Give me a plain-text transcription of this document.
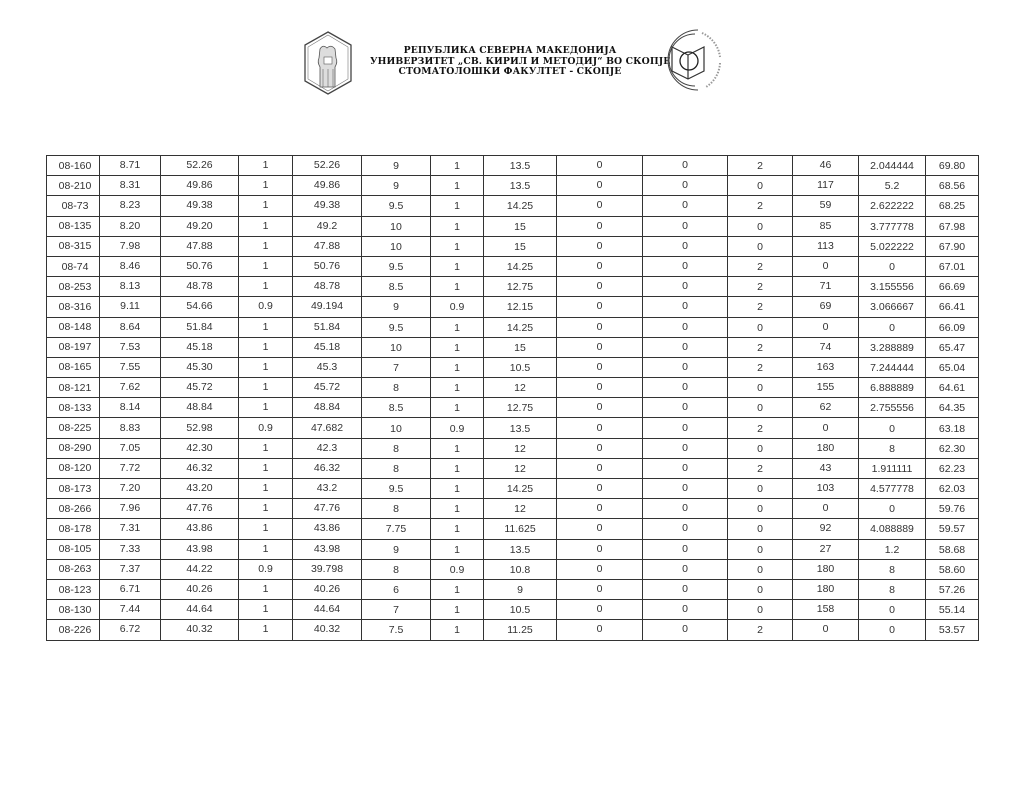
РЕПУБЛИКА СЕВЕРНА МАКЕДОНИЈА
УНИВЕРЗИТЕТ „СВ. КИРИЛ И МЕТОДИЈ“ ВО СКОПЈЕ
СТОМАТОЛОШКИ ФАКУЛТЕТ - СКОПЈЕ
08-160	8.71	52.26	1	52.26	9	1	13.5	0	0	2	46	2.044444	69.80
08-210	8.31	49.86	1	49.86	9	1	13.5	0	0	0	117	5.2	68.56
08-73	8.23	49.38	1	49.38	9.5	1	14.25	0	0	2	59	2.622222	68.25
08-135	8.20	49.20	1	49.2	10	1	15	0	0	0	85	3.777778	67.98
08-315	7.98	47.88	1	47.88	10	1	15	0	0	0	113	5.022222	67.90
08-74	8.46	50.76	1	50.76	9.5	1	14.25	0	0	2	0	0	67.01
08-253	8.13	48.78	1	48.78	8.5	1	12.75	0	0	2	71	3.155556	66.69
08-316	9.11	54.66	0.9	49.194	9	0.9	12.15	0	0	2	69	3.066667	66.41
08-148	8.64	51.84	1	51.84	9.5	1	14.25	0	0	0	0	0	66.09
08-197	7.53	45.18	1	45.18	10	1	15	0	0	2	74	3.288889	65.47
08-165	7.55	45.30	1	45.3	7	1	10.5	0	0	2	163	7.244444	65.04
08-121	7.62	45.72	1	45.72	8	1	12	0	0	0	155	6.888889	64.61
08-133	8.14	48.84	1	48.84	8.5	1	12.75	0	0	0	62	2.755556	64.35
08-225	8.83	52.98	0.9	47.682	10	0.9	13.5	0	0	2	0	0	63.18
08-290	7.05	42.30	1	42.3	8	1	12	0	0	0	180	8	62.30
08-120	7.72	46.32	1	46.32	8	1	12	0	0	2	43	1.911111	62.23
08-173	7.20	43.20	1	43.2	9.5	1	14.25	0	0	0	103	4.577778	62.03
08-266	7.96	47.76	1	47.76	8	1	12	0	0	0	0	0	59.76
08-178	7.31	43.86	1	43.86	7.75	1	11.625	0	0	0	92	4.088889	59.57
08-105	7.33	43.98	1	43.98	9	1	13.5	0	0	0	27	1.2	58.68
08-263	7.37	44.22	0.9	39.798	8	0.9	10.8	0	0	0	180	8	58.60
08-123	6.71	40.26	1	40.26	6	1	9	0	0	0	180	8	57.26
08-130	7.44	44.64	1	44.64	7	1	10.5	0	0	0	158	0	55.14
08-226	6.72	40.32	1	40.32	7.5	1	11.25	0	0	2	0	0	53.57
